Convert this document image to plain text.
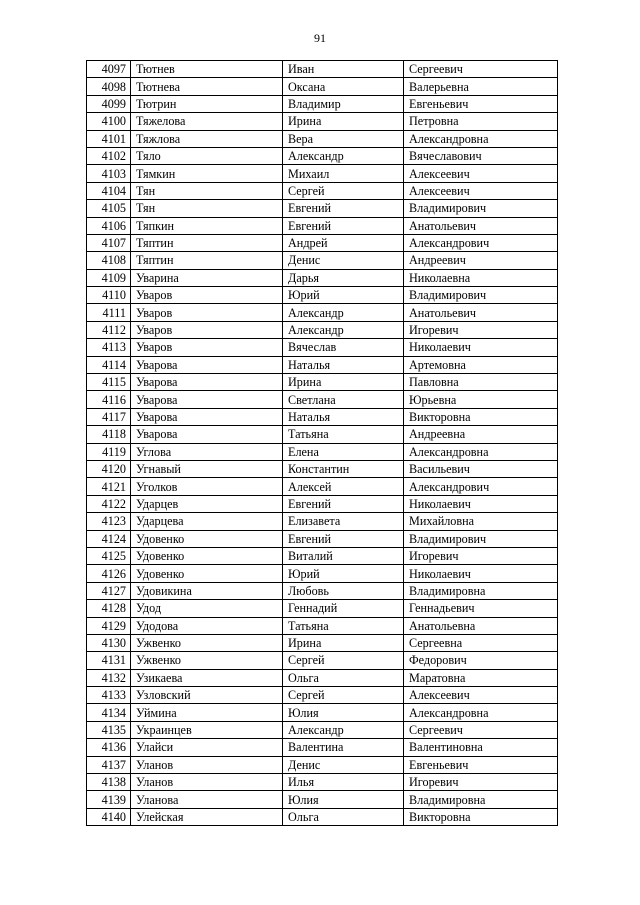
91
4097	Тютнев	Иван	Сергеевич
4098	Тютнева	Оксана	Валерьевна
4099	Тютрин	Владимир	Евгеньевич
4100	Тяжелова	Ирина	Петровна
4101	Тяжлова	Вера	Александровна
4102	Тяло	Александр	Вячеславович
4103	Тямкин	Михаил	Алексеевич
4104	Тян	Сергей	Алексеевич
4105	Тян	Евгений	Владимирович
4106	Тяпкин	Евгений	Анатольевич
4107	Тяптин	Андрей	Александрович
4108	Тяптин	Денис	Андреевич
4109	Уварина	Дарья	Николаевна
4110	Уваров	Юрий	Владимирович
4111	Уваров	Александр	Анатольевич
4112	Уваров	Александр	Игоревич
4113	Уваров	Вячеслав	Николаевич
4114	Уварова	Наталья	Артемовна
4115	Уварова	Ирина	Павловна
4116	Уварова	Светлана	Юрьевна
4117	Уварова	Наталья	Викторовна
4118	Уварова	Татьяна	Андреевна
4119	Углова	Елена	Александровна
4120	Угнавый	Константин	Васильевич
4121	Уголков	Алексей	Александрович
4122	Ударцев	Евгений	Николаевич
4123	Ударцева	Елизавета	Михайловна
4124	Удовенко	Евгений	Владимирович
4125	Удовенко	Виталий	Игоревич
4126	Удовенко	Юрий	Николаевич
4127	Удовикина	Любовь	Владимировна
4128	Удод	Геннадий	Геннадьевич
4129	Удодова	Татьяна	Анатольевна
4130	Ужвенко	Ирина	Сергеевна
4131	Ужвенко	Сергей	Федорович
4132	Узикаева	Ольга	Маратовна
4133	Узловский	Сергей	Алексеевич
4134	Уймина	Юлия	Александровна
4135	Украинцев	Александр	Сергеевич
4136	Улайси	Валентина	Валентиновна
4137	Уланов	Денис	Евгеньевич
4138	Уланов	Илья	Игоревич
4139	Уланова	Юлия	Владимировна
4140	Улейская	Ольга	Викторовна
